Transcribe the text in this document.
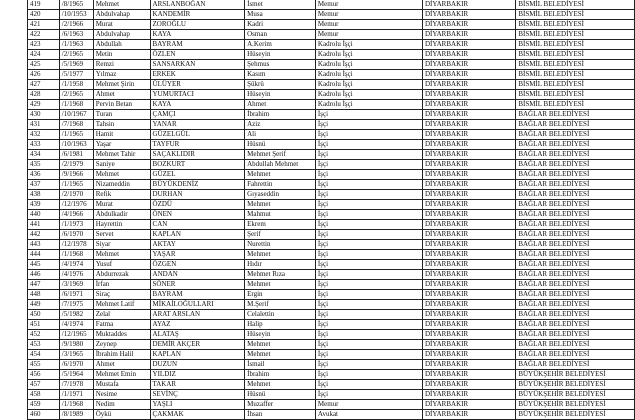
419	/8/1965	Mehmet	ARSLANBOĞAN	İsmet	Memur	DİYARBAKIR	BİSMİL BELEDİYESİ
420	/10/1953	Abdulvahap	KANDEMİR	Musa	Memur	DİYARBAKIR	BİSMİL BELEDİYESİ
421	/2/1966	Murat	ZOROĞLU	Kadri	Memur	DİYARBAKIR	BİSMİL BELEDİYESİ
422	/6/1963	Abdulvahap	KAYA	Osman	Memur	DİYARBAKIR	BİSMİL BELEDİYESİ
423	/1/1963	Abdullah	BAYRAM	A.Kerim	Kadrolu İşçi	DİYARBAKIR	BİSMİL BELEDİYESİ
424	/2/1965	Metin	ÖZLEN	Hüseyin	Kadrolu İşçi	DİYARBAKIR	BİSMİL BELEDİYESİ
425	/5/1969	Remzi	SANSARKAN	Şehmus	Kadrolu İşçi	DİYARBAKIR	BİSMİL BELEDİYESİ
426	/5/1977	Yılmaz	ERKEK	Kasım	Kadrolu İşçi	DİYARBAKIR	BİSMİL BELEDİYESİ
427	/1/1958	Mehmet Şirin	ÜLÜYER	Şükrü	Kadrolu İşçi	DİYARBAKIR	BİSMİL BELEDİYESİ
428	/2/1965	Ahmet	YUMURTACI	Hüseyin	Kadrolu İşçi	DİYARBAKIR	BİSMİL BELEDİYESİ
429	/1/1968	Pervin Betan	KAYA	Ahmet	Kadrolu İşçi	DİYARBAKIR	BİSMİL BELEDİYESİ
430	/10/1967	Turan	ÇAMÇI	İbrahim	İşçi	DİYARBAKIR	BAĞLAR BELEDİYESİ
431	/7/1968	Tahsin	YANAR	Aziz	İşçi	DİYARBAKIR	BAĞLAR BELEDİYESİ
432	/1/1965	Hamit	GÜZELGÜL	Ali	İşçi	DİYARBAKIR	BAĞLAR BELEDİYESİ
433	/10/1963	Yaşar	TAYFUR	Hüsnü	İşçi	DİYARBAKIR	BAĞLAR BELEDİYESİ
434	/6/1981	Mehmet Tahir	SAÇAKLIDIR	Mehmet Şerif	İşçi	DİYARBAKIR	BAĞLAR BELEDİYESİ
435	/2/1979	Saniye	BOZKURT	Abdullah Mehmet	İşçi	DİYARBAKIR	BAĞLAR BELEDİYESİ
436	/9/1966	Mehmet	GÜZEL	Mehmet	İşçi	DİYARBAKIR	BAĞLAR BELEDİYESİ
437	/1/1965	Nizameddin	BÜYÜKDENİZ	Fahrettin	İşçi	DİYARBAKIR	BAĞLAR BELEDİYESİ
438	/2/1970	Refik	DURHAN	Gıyaseddin	İşçi	DİYARBAKIR	BAĞLAR BELEDİYESİ
439	/12/1976	Murat	ÖZDÜ	Mehmet	İşçi	DİYARBAKIR	BAĞLAR BELEDİYESİ
440	/4/1966	Abdulkadir	ÖNEN	Mahmut	İşçi	DİYARBAKIR	BAĞLAR BELEDİYESİ
441	/1/1973	Hayrettin	CAN	Ekrem	İşçi	DİYARBAKIR	BAĞLAR BELEDİYESİ
442	/6/1970	Servet	KAPLAN	Şerif	İşçi	DİYARBAKIR	BAĞLAR BELEDİYESİ
443	/12/1978	Siyar	AKTAY	Nurettin	İşçi	DİYARBAKIR	BAĞLAR BELEDİYESİ
444	/1/1968	Mehmet	YAŞAR	Mehmet	İşçi	DİYARBAKIR	BAĞLAR BELEDİYESİ
445	/4/1974	Yusuf	ÖZGEN	Hıdır	İşçi	DİYARBAKIR	BAĞLAR BELEDİYESİ
446	/4/1976	Abdurrezak	ANDAN	Mehmet Rıza	İşçi	DİYARBAKIR	BAĞLAR BELEDİYESİ
447	/3/1969	İrfan	SÖNER	Mehmet	İşçi	DİYARBAKIR	BAĞLAR BELEDİYESİ
448	/6/1971	Siraç	BAYRAM	Ergin	İşçi	DİYARBAKIR	BAĞLAR BELEDİYESİ
449	/7/1975	Mehmet Latif	MİKAİLOĞULLARI	M.Şerif	İşçi	DİYARBAKIR	BAĞLAR BELEDİYESİ
450	/5/1982	Zelal	ARAT ARSLAN	Celalettin	İşçi	DİYARBAKIR	BAĞLAR BELEDİYESİ
451	/4/1974	Fatma	AYAZ	Halip	İşçi	DİYARBAKIR	BAĞLAR BELEDİYESİ
452	/12/1965	Muktaddes	ALATAŞ	Hüseyin	İşçi	DİYARBAKIR	BAĞLAR BELEDİYESİ
453	/9/1980	Zeynep	DEMİR AKÇER	Mehmet	İşçi	DİYARBAKIR	BAĞLAR BELEDİYESİ
454	/3/1965	İbrahim Halil	KAPLAN	Mehmet	İşçi	DİYARBAKIR	BAĞLAR BELEDİYESİ
455	/6/1970	Ahmet	DUZUN	İsmail	İşçi	DİYARBAKIR	BAĞLAR BELEDİYESİ
456	/5/1964	Mehmet Emin	YILDIZ	İbrahim	İşçi	DİYARBAKIR	BÜYÜKŞEHİR BELEDİYESİ
457	/7/1978	Mustafa	TAKAR	Mehmet	İşçi	DİYARBAKIR	BÜYÜKŞEHİR BELEDİYESİ
458	/1/1971	Nesime	SEVİNÇ	Hüsnü	İşçi	DİYARBAKIR	BÜYÜKŞEHİR BELEDİYESİ
459	/1/1968	Nedim	YAŞLI	Muzaffer	Memur	DİYARBAKIR	BÜYÜKŞEHİR BELEDİYESİ
460	/8/1989	Öykü	ÇAKMAK	İhsan	Avukat	DİYARBAKIR	BÜYÜKŞEHİR BELEDİYESİ
